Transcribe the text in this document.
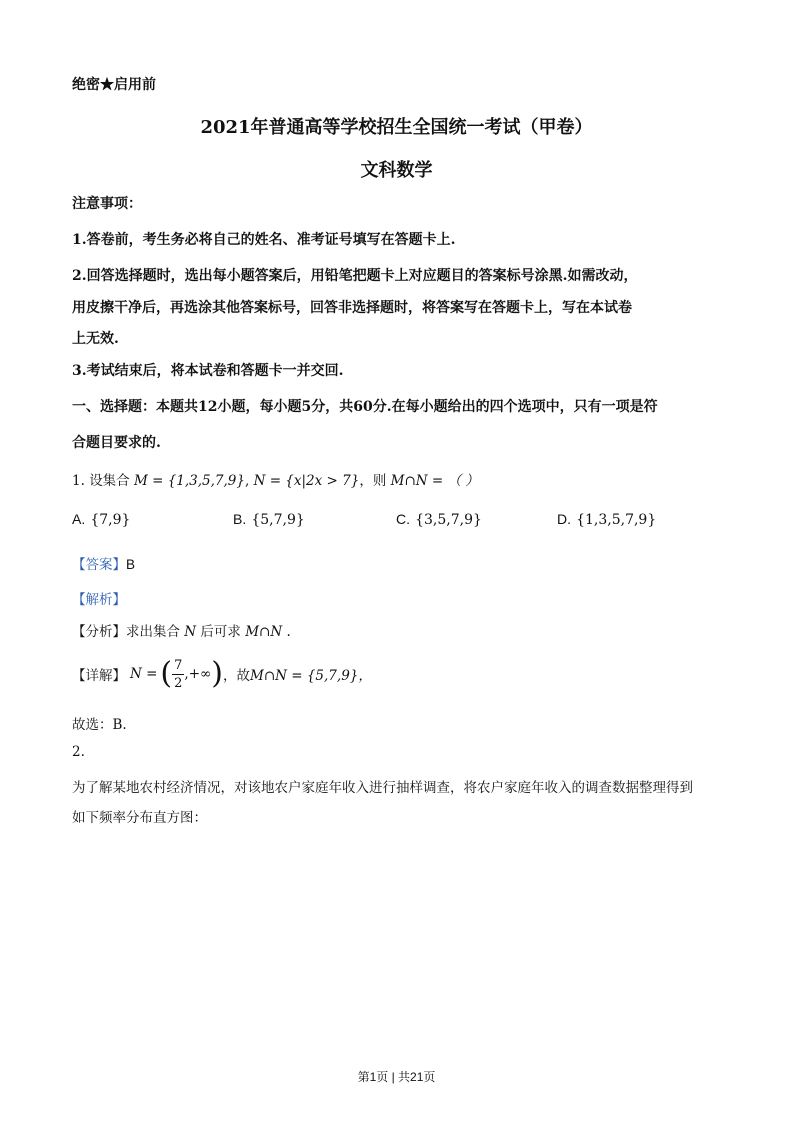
绝密★启用前
2021年普通高等学校招生全国统一考试（甲卷）
文科数学
注意事项：
1.答卷前，考生务必将自己的姓名、准考证号填写在答题卡上.
2.回答选择题时，选出每小题答案后，用铅笔把题卡上对应题目的答案标号涂黑.如需改动，
用皮擦干净后，再选涂其他答案标号，回答非选择题时，将答案写在答题卡上，写在本试卷
上无效.
3.考试结束后，将本试卷和答题卡一并交回.
一、选择题：本题共12小题，每小题5分，共60分.在每小题给出的四个选项中，只有一项是符
合题目要求的.
1. 设集合 M = {1,3,5,7,9}, N = {x|2x > 7}，则 M∩N = （ ）
A. {7,9}	B. {5,7,9}	C. {3,5,7,9}	D. {1,3,5,7,9}
【答案】B
【解析】
【分析】求出集合 N 后可求 M∩N .
【详解】 N = ( $\frac{7}{2}$ ,+∞ ) ，故 M∩N = {5,7,9}，
故选：B.
2.
为了解某地农村经济情况，对该地农户家庭年收入进行抽样调查，将农户家庭年收入的调查数据整理得到
如下频率分布直方图：
第1页 | 共21页
